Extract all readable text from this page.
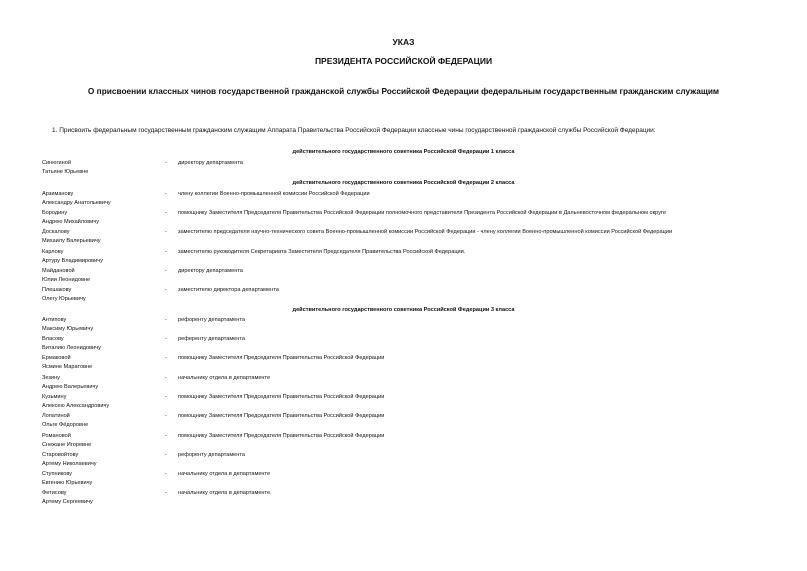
УКАЗ
ПРЕЗИДЕНТА РОССИЙСКОЙ ФЕДЕРАЦИИ
О присвоении классных чинов государственной гражданской службы Российской Федерации федеральным государственным гражданским служащим
1. Присвоить федеральным государственным гражданским служащим Аппарата Правительства Российской Федерации классные чины государственной гражданской службы Российской Федерации:
действительного государственного советника Российской Федерации 1 класса
Синюгиной
Татьяне Юрьевне
- директору департамента
действительного государственного советника Российской Федерации 2 класса
Арзиманову
Александру Анатольевичу
- члену коллегии Военно-промышленной комиссии Российской Федерации
Бородину
Андрею Михайловичу
- помощнику Заместителя Председателя Правительства Российской Федерации полномочного представителя Президента Российской Федерации в Дальневосточном федеральном округе
Доскалову
Михаилу Валерьевичу
- заместителю председателя научно-технического совета Военно-промышленной комиссии Российской Федерации - члену коллегии Военно-промышленной комиссии Российской Федерации
Карлову
Артуру Владимировичу
- заместителю руководителя Секретариата Заместителя Председателя Правительства Российской Федерации.
Майдановой
Юлии Леонидовне
- директору департамента
Плешакову
Олегу Юрьевичу
- заместителю директора департамента
действительного государственного советника Российской Федерации 3 класса
Антипову
Максиму Юрьевичу
- рефоренту департамента
Власову
Виталию Леонидовичу
- референту департамента
Ермаковой
Ясмине Маратовне
- помощнику Заместителя Председателя Правительства Российской Федерации
Зезину
Андрею Валерьевичу
- начальнику отдела в департаменте
Кузьмину
Алексею Александровичу
- помощнику Заместителя Председателя Правительства Российской Федерации
Лопатиной
Ольге Фёдоровне
- помощнику Заместителя Председателя Правительства Российской Федерации
Романовой
Снежане Игоревне
- помощнику Заместителя Председателя Правительства Российской Федерации
Старовойтову
Артему Николаевичу
- рефоренту департамента
Ступникову
Евгению Юрьевичу
- начальнику отдела в департаменте
Фетисову
Артему Сергеевичу
- начальнику отдела в департаменте.
